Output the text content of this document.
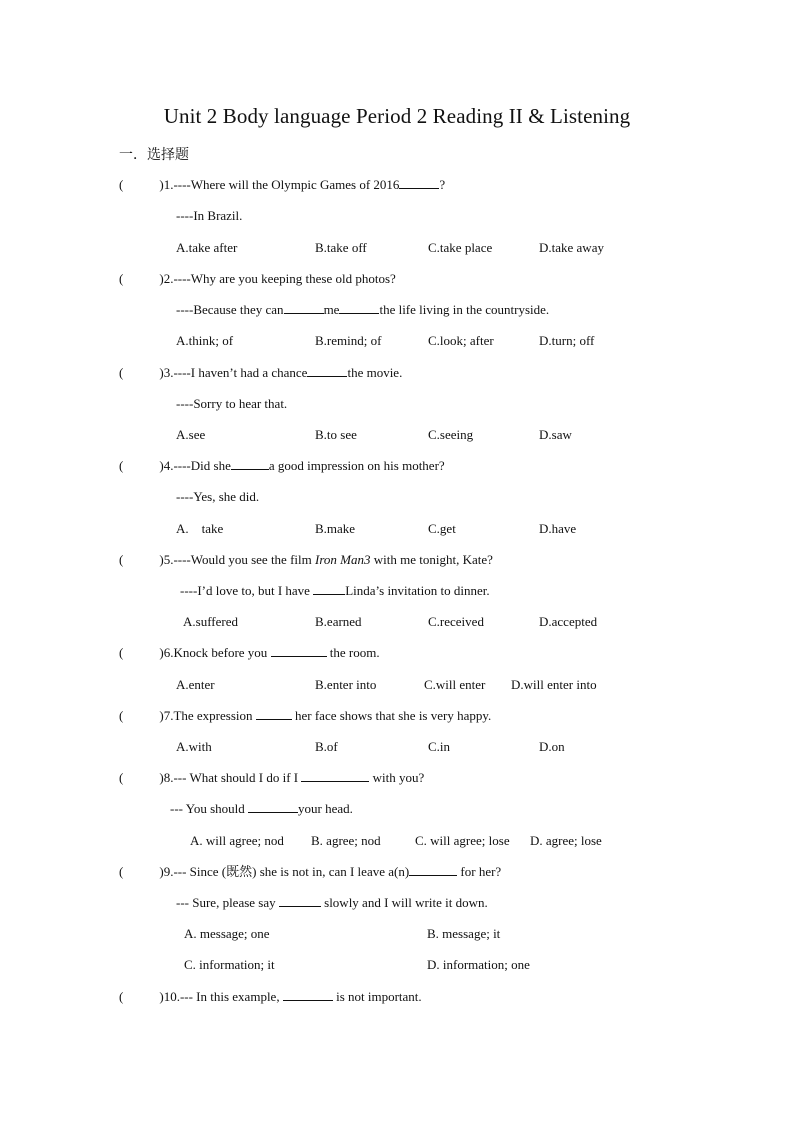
Unit 2 Body language Period 2 Reading II & Listening
一．选择题
(	)1.----Where will the Olympic Games of 2016	?
----In Brazil.
A.take after	B.take off	C.take place	D.take away
(	)2.----Why are you keeping these old photos?
----Because they can	me	the life living in the countryside.
A.think; of	B.remind; of	C.look; after	D.turn; off
(	)3.----I haven’t had a chance	the movie.
----Sorry to hear that.
A.see	B.to see	C.seeing	D.saw
(	)4.----Did she	a good impression on his mother?
----Yes, she did.
A.    take	B.make	C.get	D.have
(	)5.----Would you see the film Iron Man3 with me tonight, Kate?
----I’d love to, but I have Linda’s invitation to dinner.
A.suffered	B.earned	C.received	D.accepted
(	)6.Knock before you	the room.
A.enter	B.enter into	C.will enter D.will enter into
(	)7.The expression	her face shows that she is very happy.
A.with	B.of	C.in	D.on
(	)8.--- What should I do if I	with you?
--- You should	your head.
A. will agree; nod B. agree; nod	C. will agree; lose D. agree; lose
(	)9.--- Since (既然) she is not in, can I leave a(n)	for her?
--- Sure, please say	slowly and I will write it down.
A. message; one	B. message; it
C. information; it	D. information; one
(	)10.--- In this example,	is not important.
